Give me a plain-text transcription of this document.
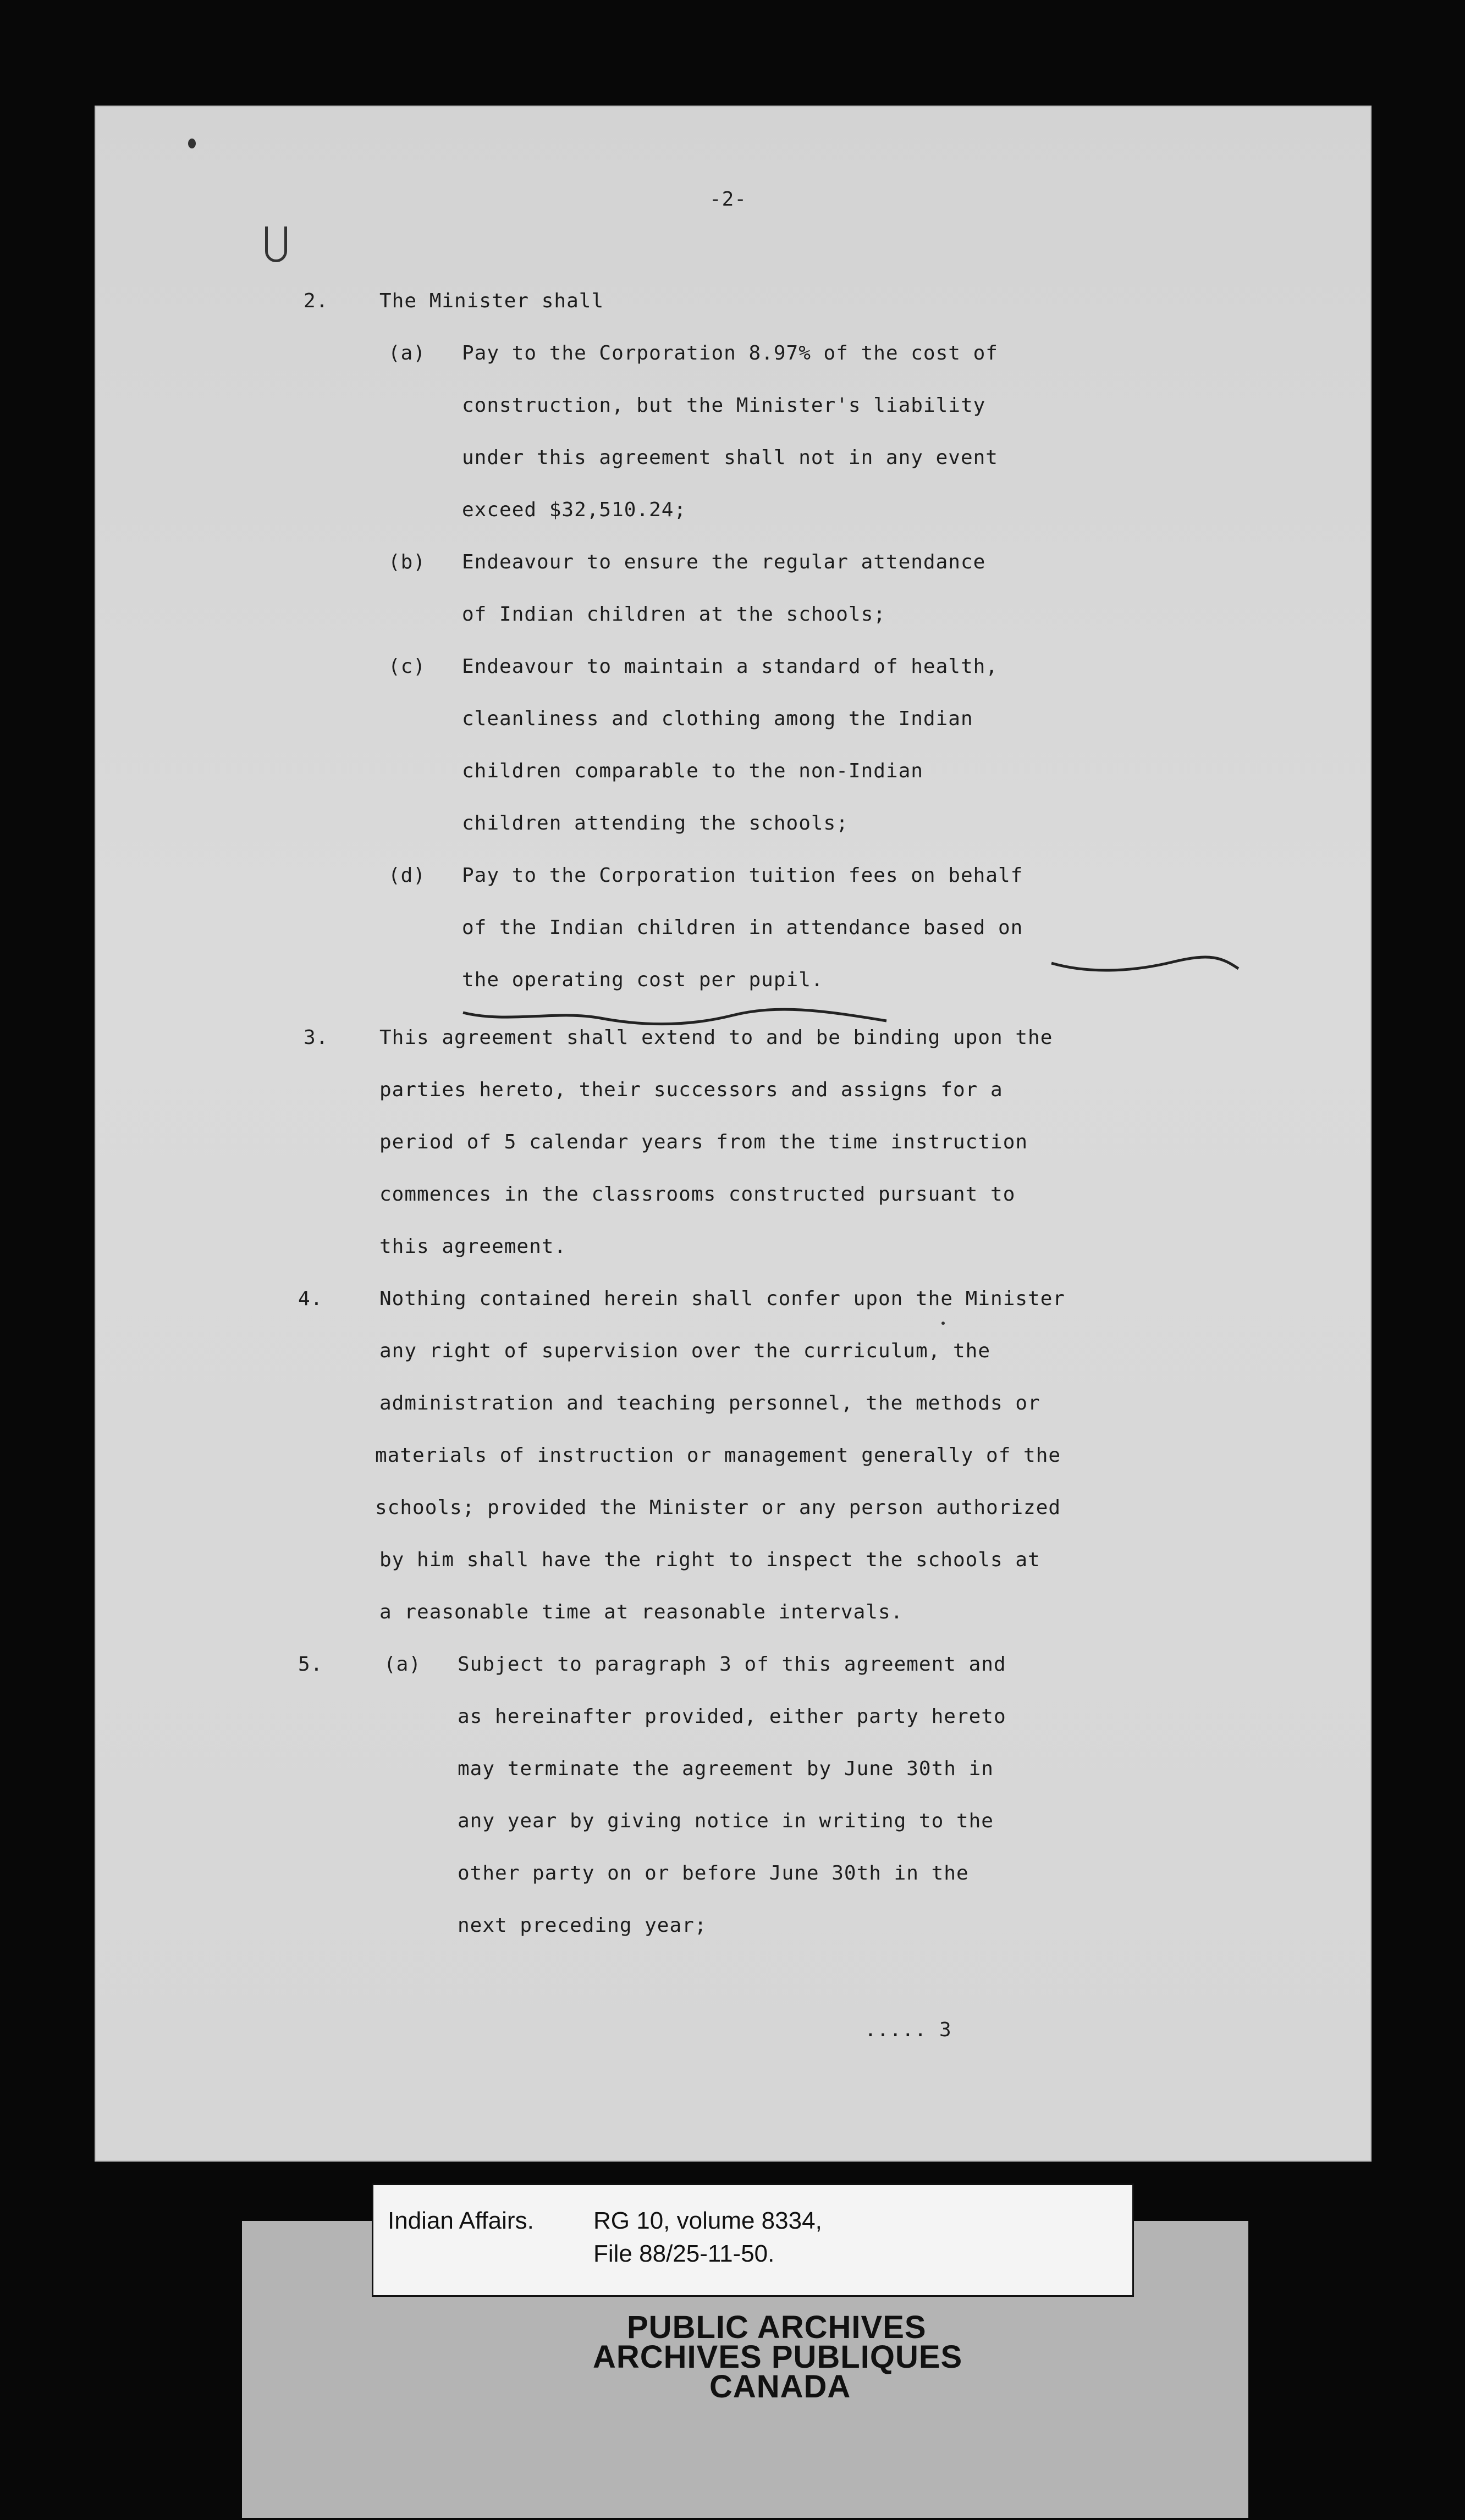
-2-
2.	The Minister shall
(a) Pay to the Corporation 8.97% of the cost of
construction, but the Minister's liability
under this agreement shall not in any event
exceed $32,510.24;
(b) Endeavour to ensure the regular attendance
of Indian children at the schools;
(c) Endeavour to maintain a standard of health,
cleanliness and clothing among the Indian
children comparable to the non-Indian
children attending the schools;
(d) Pay to the Corporation tuition fees on behalf
of the Indian children in attendance based on
the operating cost per pupil.
3.	This agreement shall extend to and be binding upon the
parties hereto, their successors and assigns for a
period of 5 calendar years from the time instruction
commences in the classrooms constructed pursuant to
this agreement.
4.	Nothing contained herein shall confer upon the Minister
any right of supervision over the curriculum, the
administration and teaching personnel, the methods or
materials of instruction or management generally of the
schools; provided the Minister or any person authorized
by him shall have the right to inspect the schools at
a reasonable time at reasonable intervals.
5.	(a) Subject to paragraph 3 of this agreement and
as hereinafter provided, either party hereto
may terminate the agreement by June 30th in
any year by giving notice in writing to the
other party on or before June 30th in the
next preceding year;
..... 3
Indian Affairs. RG 10, volume 8334,
File 88/25-11-50.
PUBLIC ARCHIVES
ARCHIVES PUBLIQUES
CANADA
